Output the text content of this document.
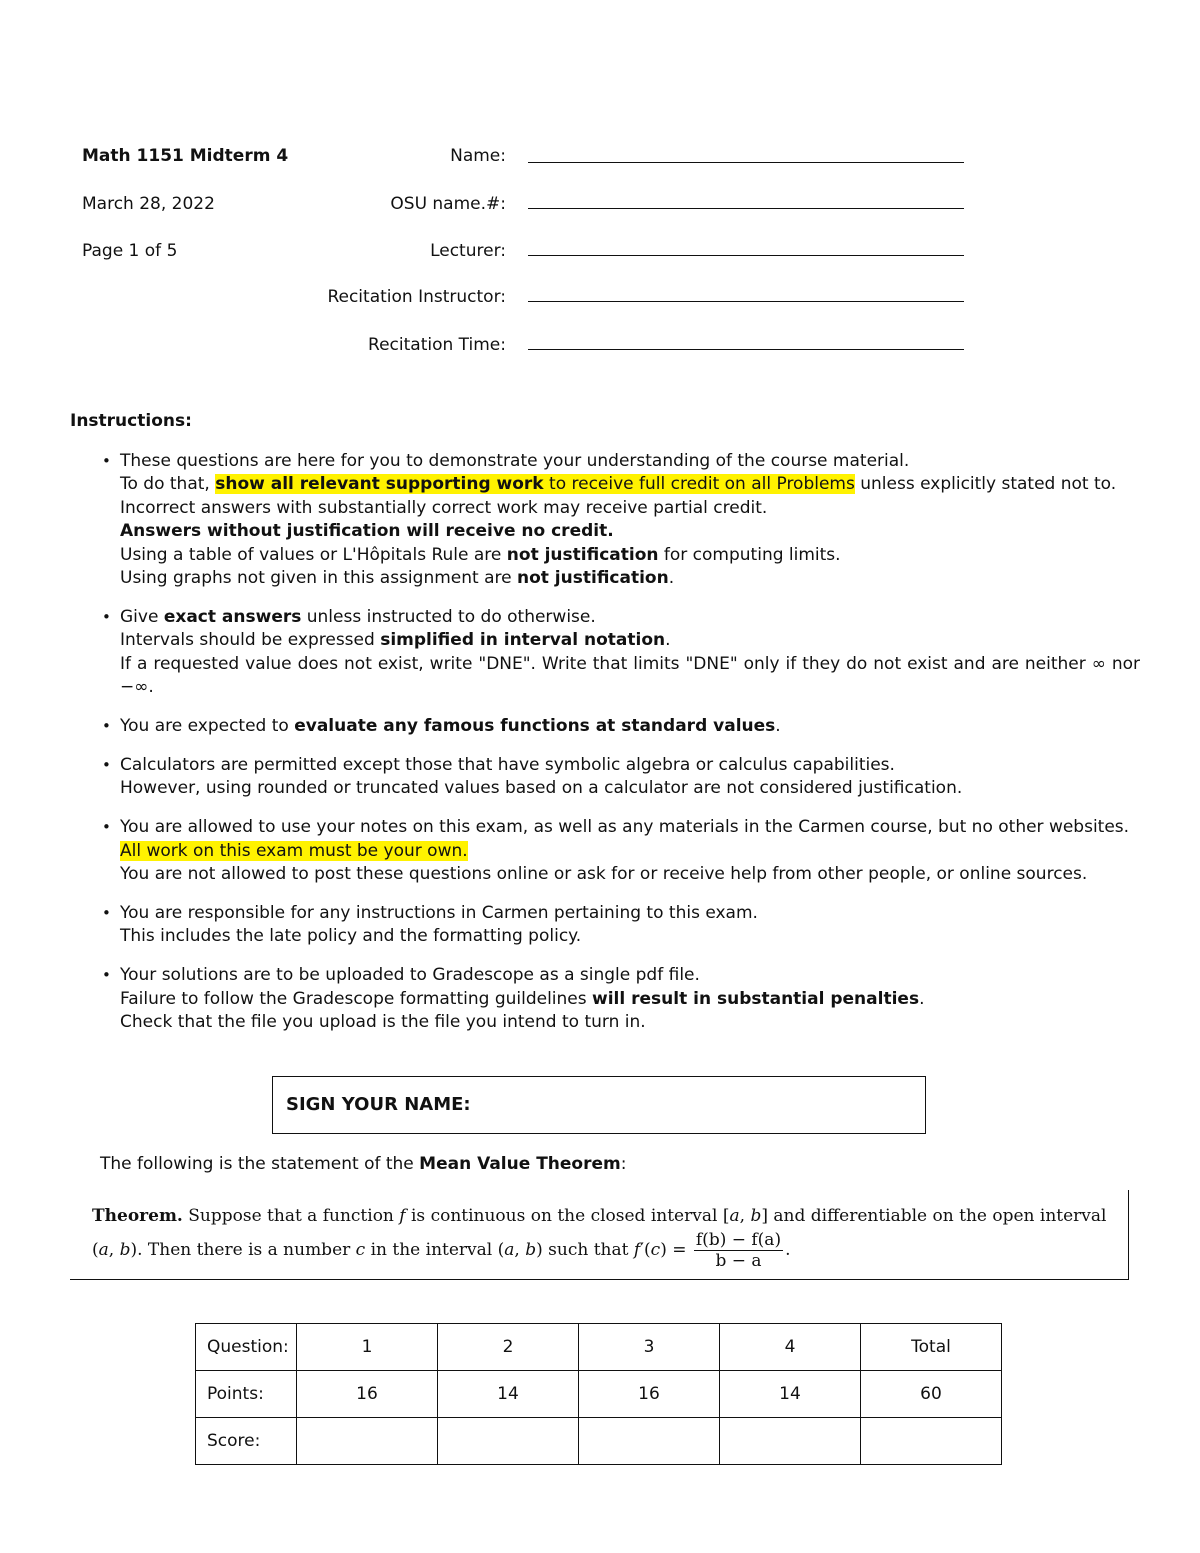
Math 1151 Midterm 4
March 28, 2022
Page 1 of 5
Name:
OSU name.#:
Lecturer:
Recitation Instructor:
Recitation Time:
Instructions:
• These questions are here for you to demonstrate your understanding of the course material.
To do that, show all relevant supporting work to receive full credit on all Problems unless explicitly stated not to.
Incorrect answers with substantially correct work may receive partial credit.
Answers without justification will receive no credit.
Using a table of values or L'Hôpitals Rule are not justification for computing limits.
Using graphs not given in this assignment are not justification.
• Give exact answers unless instructed to do otherwise.
Intervals should be expressed simplified in interval notation.
If a requested value does not exist, write "DNE". Write that limits "DNE" only if they do not exist and are neither ∞ nor −∞.
• You are expected to evaluate any famous functions at standard values.
• Calculators are permitted except those that have symbolic algebra or calculus capabilities.
However, using rounded or truncated values based on a calculator are not considered justification.
• You are allowed to use your notes on this exam, as well as any materials in the Carmen course, but no other websites.
All work on this exam must be your own.
You are not allowed to post these questions online or ask for or receive help from other people, or online sources.
• You are responsible for any instructions in Carmen pertaining to this exam.
This includes the late policy and the formatting policy.
• Your solutions are to be uploaded to Gradescope as a single pdf file.
Failure to follow the Gradescope formatting guildelines will result in substantial penalties.
Check that the file you upload is the file you intend to turn in.
SIGN YOUR NAME:
The following is the statement of the Mean Value Theorem:
Theorem. Suppose that a function f is continuous on the closed interval [a, b] and differentiable on the open interval
(a, b). Then there is a number c in the interval (a, b) such that $f'(c) = \frac{f(b) - f(a)}{b - a}$ .
Question:	1	2	3	4	Total
Points:	16	14	16	14	60
Score:					
